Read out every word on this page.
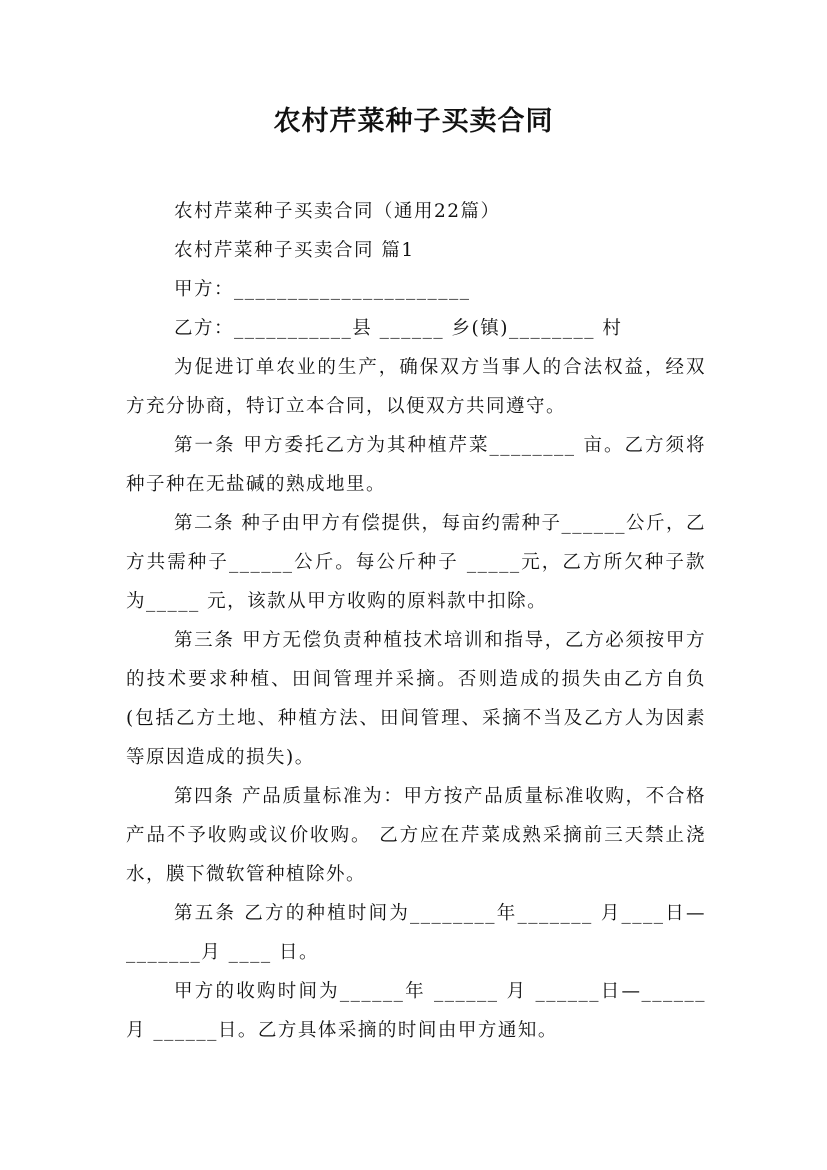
农村芹菜种子买卖合同

农村芹菜种子买卖合同（通用22篇）

农村芹菜种子买卖合同 篇1

甲方：______________________

乙方：___________县 ______ 乡(镇)________ 村

为促进订单农业的生产，确保双方当事人的合法权益，经双方充分协商，特订立本合同，以便双方共同遵守。

第一条 甲方委托乙方为其种植芹菜________ 亩。乙方须将种子种在无盐碱的熟成地里。

第二条 种子由甲方有偿提供，每亩约需种子______公斤，乙方共需种子______公斤。每公斤种子 _____元，乙方所欠种子款为_____ 元，该款从甲方收购的原料款中扣除。

第三条 甲方无偿负责种植技术培训和指导，乙方必须按甲方的技术要求种植、田间管理并采摘。否则造成的损失由乙方自负(包括乙方土地、种植方法、田间管理、采摘不当及乙方人为因素等原因造成的损失)。

第四条 产品质量标准为：甲方按产品质量标准收购，不合格产品不予收购或议价收购。 乙方应在芹菜成熟采摘前三天禁止浇水，膜下微软管种植除外。

第五条 乙方的种植时间为________年_______ 月____日— _______月 ____ 日。

甲方的收购时间为______年 ______ 月 ______日—______月 ______日。乙方具体采摘的时间由甲方通知。
